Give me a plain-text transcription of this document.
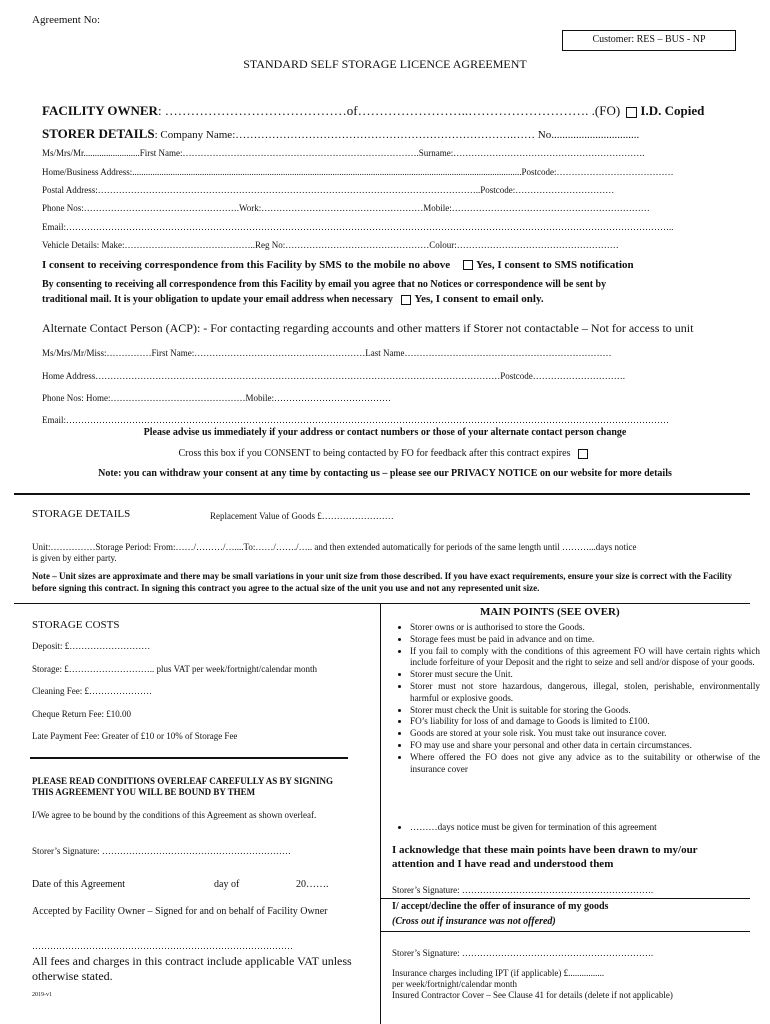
Agreement No:
Customer: RES – BUS - NP
STANDARD SELF STORAGE LICENCE AGREEMENT
FACILITY OWNER: ……………………………………of……………………..………………………. .(FO) I.D. Copied
STORER DETAILS: Company Name:………………………………………………………………….…… No................................
Ms/Mrs/Mr.........................First Name:…………………………………………………………………….Surname:……………………………………………………….
Home/Business Address:.............................................................................................................................................................................Postcode:…………………………………
Postal Address:………………………………………………………………………………………………………………..Postcode:……………………………
Phone Nos:…………………………………………….Work:………………………………………………Mobile:…………………………………………………………
Email:…………………………………………………………………………………………………………………………………………………………………………………..
Vehicle Details: Make:……………………………………..Reg No:…………………………………………Colour:………………………………………………
I consent to receiving correspondence from this Facility by SMS to the mobile no above Yes, I consent to SMS notification
By consenting to receiving all correspondence from this Facility by email you agree that no Notices or correspondence will be sent by
traditional mail. It is your obligation to update your email address when necessary Yes, I consent to email only.
Alternate Contact Person (ACP): - For contacting regarding accounts and other matters if Storer not contactable – Not for access to unit
Ms/Mrs/Mr/Miss:……………First Name:…………………………………………………Last Name……………………………………………………………
Home Address………………………………………………………………………………………………………………………Postcode………………………….
Phone Nos: Home:………………………………………Mobile:…………………………………
Email:…………………………………………………………………………………………………………………………………………………………………………………
Please advise us immediately if your address or contact numbers or those of your alternate contact person change
Cross this box if you CONSENT to being contacted by FO for feedback after this contract expires
Note: you can withdraw your consent at any time by contacting us – please see our PRIVACY NOTICE on our website for more details
STORAGE DETAILS	Replacement Value of Goods £……………………
Unit:……………Storage Period: From:……/………/…....To:……/……./….. and then extended automatically for periods of the same length until ………...days notice
is given by either party.
Note – Unit sizes are approximate and there may be small variations in your unit size from those described. If you have exact requirements, ensure your size is correct with the Facility before signing this contract. In signing this contract you agree to the actual size of the unit you use and not any represented unit size.
STORAGE COSTS
Deposit: £………………………
Storage: £……………………….. plus VAT per week/fortnight/calendar month
Cleaning Fee: £…………………
Cheque Return Fee: £10.00
Late Payment Fee: Greater of £10 or 10% of Storage Fee
PLEASE READ CONDITIONS OVERLEAF CAREFULLY AS BY SIGNING THIS AGREEMENT YOU WILL BE BOUND BY THEM
I/We agree to be bound by the conditions of this Agreement as shown overleaf.
Storer’s Signature: ………………………………………………………
Date of this Agreement	day of	20…….
Accepted by Facility Owner – Signed for and on behalf of Facility Owner
……………………………………………………………………………
All fees and charges in this contract include applicable VAT unless otherwise stated.
2019-v1
MAIN POINTS (SEE OVER)
• Storer owns or is authorised to store the Goods.
• Storage fees must be paid in advance and on time.
• If you fail to comply with the conditions of this agreement FO will have certain rights which include forfeiture of your Deposit and the right to seize and sell and/or dispose of your goods.
• Storer must secure the Unit.
• Storer must not store hazardous, dangerous, illegal, stolen, perishable, environmentally harmful or explosive goods.
• Storer must check the Unit is suitable for storing the Goods.
• FO’s liability for loss of and damage to Goods is limited to £100.
• Goods are stored at your sole risk. You must take out insurance cover.
• FO may use and share your personal and other data in certain circumstances.
• Where offered the FO does not give any advice as to the suitability or otherwise of the insurance cover
• ………days notice must be given for termination of this agreement
I acknowledge that these main points have been drawn to my/our attention and I have read and understood them
Storer’s Signature: ……………………………………………………….
I/ accept/decline the offer of insurance of my goods
(Cross out if insurance was not offered)
Storer’s Signature: ……………………………………………………….
Insurance charges including IPT (if applicable) £................
per week/fortnight/calendar month
Insured Contractor Cover – See Clause 41 for details (delete if not applicable)
